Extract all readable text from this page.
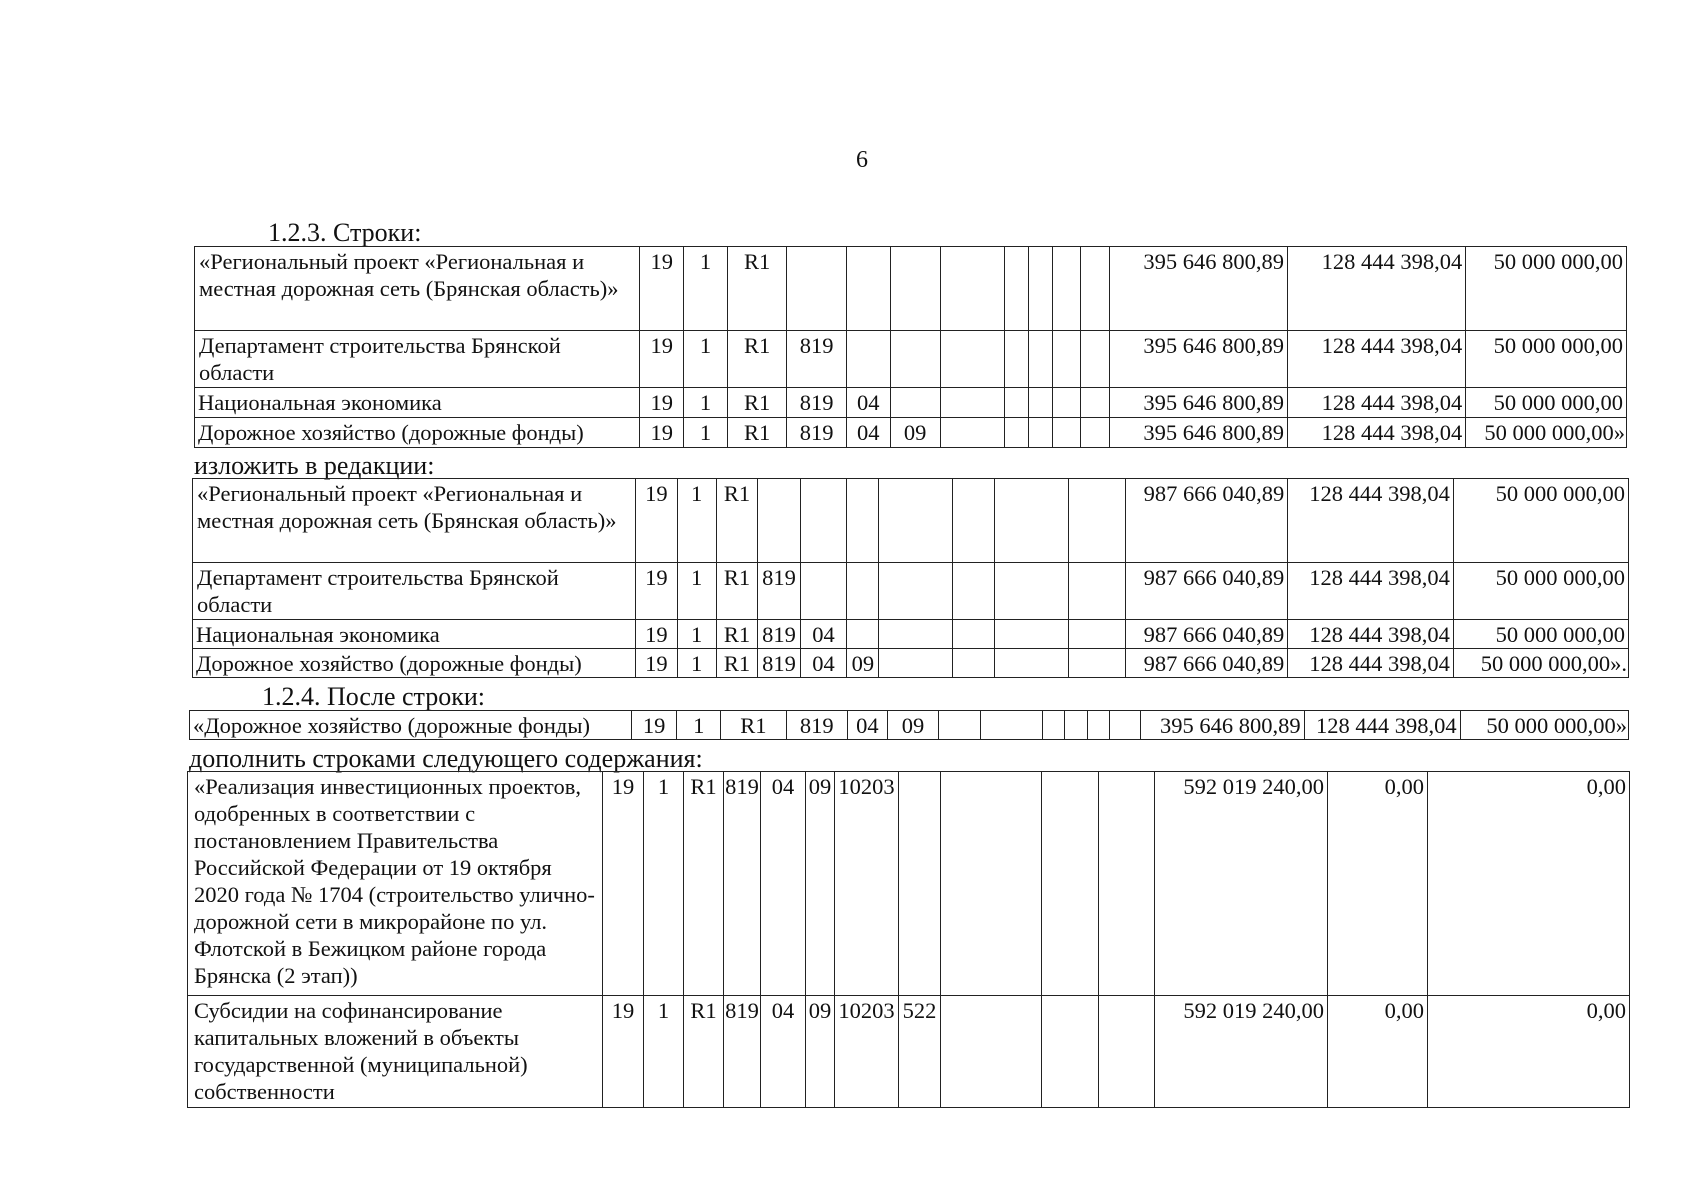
6
1.2.3. Строки:
«Региональный проект «Региональная и местная дорожная сеть (Брянская область)»	19	1	R1									395 646 800,89	128 444 398,04	50 000 000,00
Департамент строительства Брянской области	19	1	R1	819								395 646 800,89	128 444 398,04	50 000 000,00
Национальная экономика	19	1	R1	819	04							395 646 800,89	128 444 398,04	50 000 000,00
Дорожное хозяйство (дорожные фонды)	19	1	R1	819	04	09						395 646 800,89	128 444 398,04	50 000 000,00»
изложить в редакции:
«Региональный проект «Региональная и местная дорожная сеть (Брянская область)»	19	1	R1								987 666 040,89	128 444 398,04	50 000 000,00
Департамент строительства Брянской области	19	1	R1	819							987 666 040,89	128 444 398,04	50 000 000,00
Национальная экономика	19	1	R1	819	04						987 666 040,89	128 444 398,04	50 000 000,00
Дорожное хозяйство (дорожные фонды)	19	1	R1	819	04	09					987 666 040,89	128 444 398,04	50 000 000,00».
1.2.4. После строки:
«Дорожное хозяйство (дорожные фонды)	19	1	R1	819	04	09							395 646 800,89	128 444 398,04	50 000 000,00»
дополнить строками следующего содержания:
«Реализация инвестиционных проектов, одобренных в соответствии с постановлением Правительства Российской Федерации от 19 октября 2020 года № 1704 (строительство улично-дорожной сети в микрорайоне по ул. Флотской в Бежицком районе города Брянска (2 этап))	19	1	R1	819	04	09	10203					592 019 240,00	0,00	0,00
Субсидии на софинансирование капитальных вложений в объекты государственной (муниципальной) собственности	19	1	R1	819	04	09	10203	522				592 019 240,00	0,00	0,00
